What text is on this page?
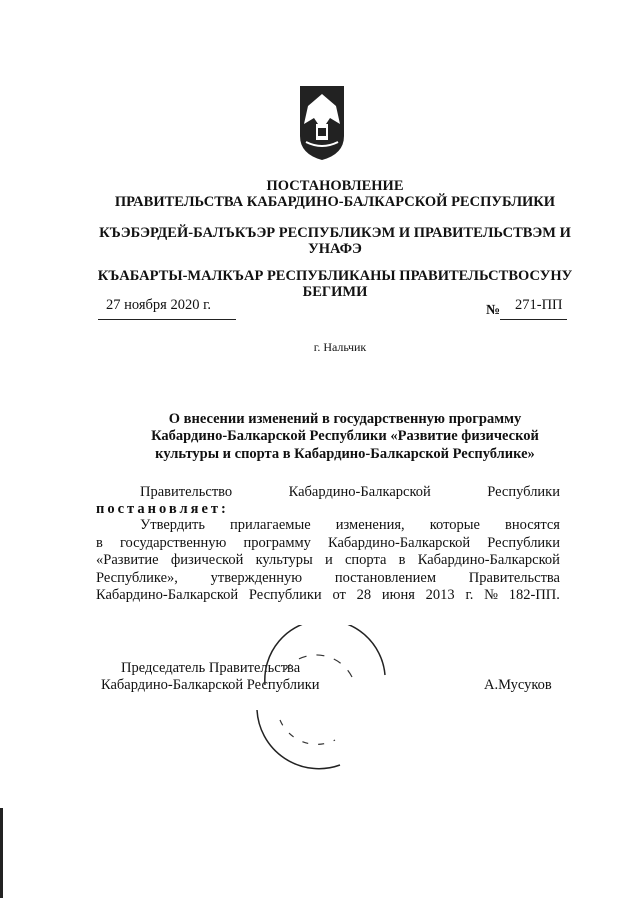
ПОСТАНОВЛЕНИЕ
ПРАВИТЕЛЬСТВА КАБАРДИНО-БАЛКАРСКОЙ РЕСПУБЛИКИ
КЪЭБЭРДЕЙ-БАЛЪКЪЭР РЕСПУБЛИКЭМ И ПРАВИТЕЛЬСТВЭМ И
УНАФЭ
КЪАБАРТЫ-МАЛКЪАР РЕСПУБЛИКАНЫ ПРАВИТЕЛЬСТВОСУНУ
БЕГИМИ
27 ноября 2020 г.	№ 271-ПП
г. Нальчик
О внесении изменений в государственную программу
Кабардино-Балкарской Республики «Развитие физической
культуры и спорта в Кабардино-Балкарской Республике»
Правительство	Кабардино-Балкарской	Республики
постановляет:
Утвердить прилагаемые изменения, которые вносятся
в государственную программу Кабардино-Балкарской Республики
«Развитие физической культуры и спорта в Кабардино-Балкарской
Республике», утвержденную постановлением Правительства
Кабардино-Балкарской Республики от 28 июня 2013 г. № 182-ПП.
Председатель Правительства
Кабардино-Балкарской Республики	А.Мусуков
